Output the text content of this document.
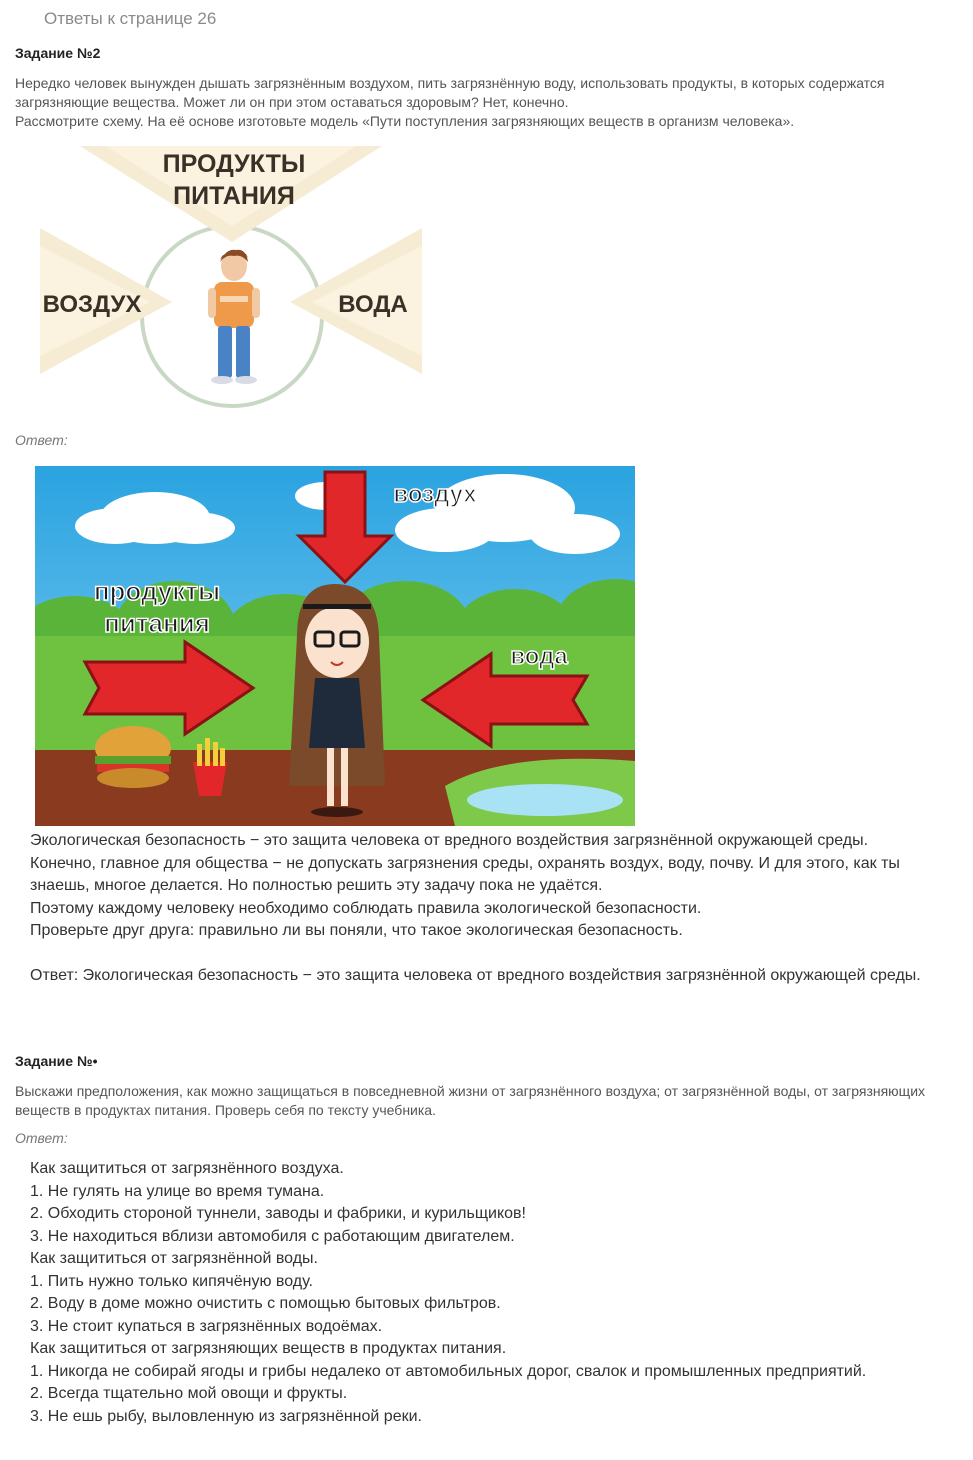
Ответы к странице 26
Задание №2
Нередко человек вынужден дышать загрязнённым воздухом, пить загрязнённую воду, использовать продукты, в которых содержатся загрязняющие вещества. Может ли он при этом оставаться здоровым? Нет, конечно.
Рассмотрите схему. На её основе изготовьте модель «Пути поступления загрязняющих веществ в организм человека».
ПРОДУКТЫ
ПИТАНИЯ
ВОЗДУХ	ВОДА
Ответ:
воздух
продукты
питания
вода

Экологическая безопасность − это защита человека от вредного воздействия загрязнённой окружающей среды.

Конечно, главное для общества − не допускать загрязнения среды, охранять воздух, воду, почву. И для этого, как ты знаешь, многое делается. Но полностью решить эту задачу пока не удаётся.

Поэтому каждому человеку необходимо соблюдать правила экологической безопасности.

Проверьте друг друга: правильно ли вы поняли, что такое экологическая безопасность.

Ответ: Экологическая безопасность − это защита человека от вредного воздействия загрязнённой окружающей среды.

Задание №•
Выскажи предположения, как можно защищаться в повседневной жизни от загрязнённого воздуха; от загрязнённой воды, от загрязняющих веществ в продуктах питания. Проверь себя по тексту учебника.
Ответ:

Как защититься от загрязнённого воздуха.

1. Не гулять на улице во время тумана.

2. Обходить стороной туннели, заводы и фабрики, и курильщиков!

3. Не находиться вблизи автомобиля с работающим двигателем.

Как защититься от загрязнённой воды.

1. Пить нужно только кипячёную воду.

2. Воду в доме можно очистить с помощью бытовых фильтров.

3. Не стоит купаться в загрязнённых водоёмах.

Как защититься от загрязняющих веществ в продуктах питания.

1. Никогда не собирай ягоды и грибы недалеко от автомобильных дорог, свалок и промышленных предприятий.

2. Всегда тщательно мой овощи и фрукты.

3. Не ешь рыбу, выловленную из загрязнённой реки.
